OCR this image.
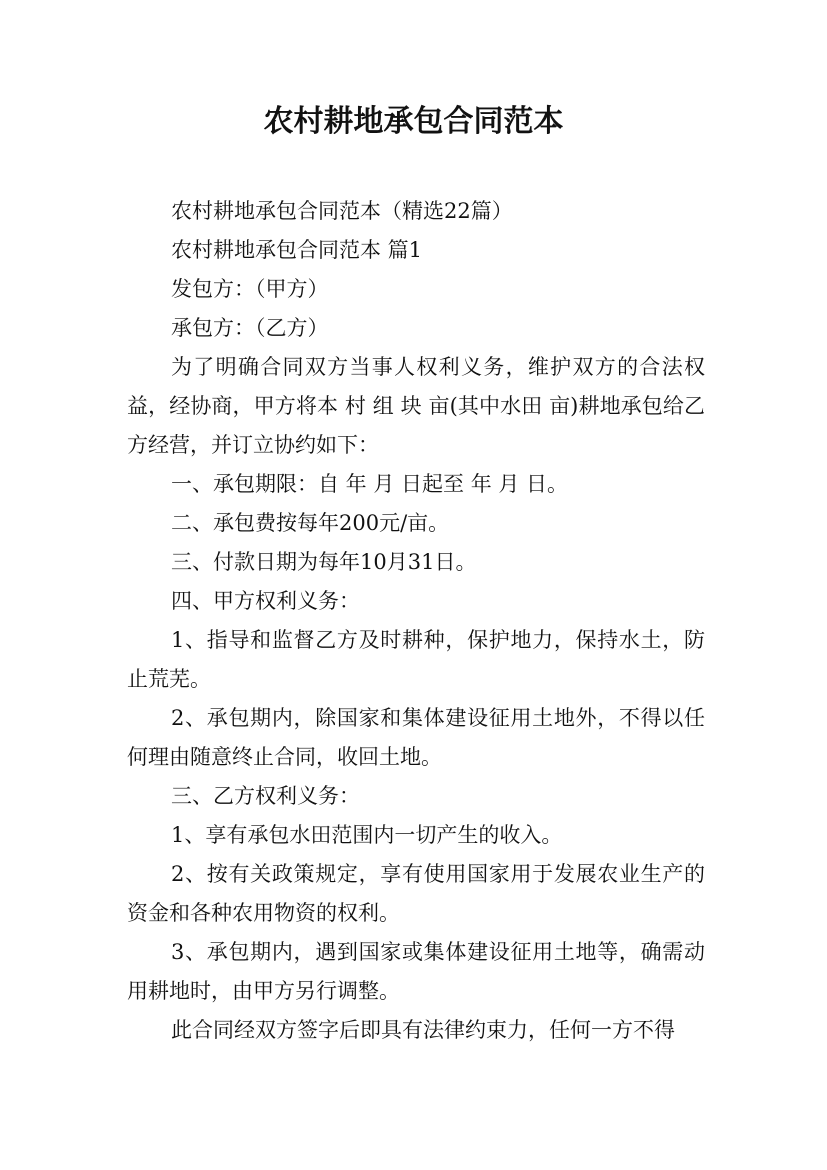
农村耕地承包合同范本

农村耕地承包合同范本（精选22篇）

农村耕地承包合同范本 篇1

发包方：（甲方）

承包方：（乙方）

为了明确合同双方当事人权利义务，维护双方的合法权益，经协商，甲方将本 村 组 块 亩(其中水田 亩)耕地承包给乙方经营，并订立协约如下：

一、承包期限：自 年 月 日起至 年 月 日。

二、承包费按每年200元/亩。

三、付款日期为每年10月31日。

四、甲方权利义务：

1、指导和监督乙方及时耕种，保护地力，保持水土，防止荒芜。

2、承包期内，除国家和集体建设征用土地外，不得以任何理由随意终止合同，收回土地。

三、乙方权利义务：

1、享有承包水田范围内一切产生的收入。

2、按有关政策规定，享有使用国家用于发展农业生产的资金和各种农用物资的权利。

3、承包期内，遇到国家或集体建设征用土地等，确需动用耕地时，由甲方另行调整。

此合同经双方签字后即具有法律约束力，任何一方不得
